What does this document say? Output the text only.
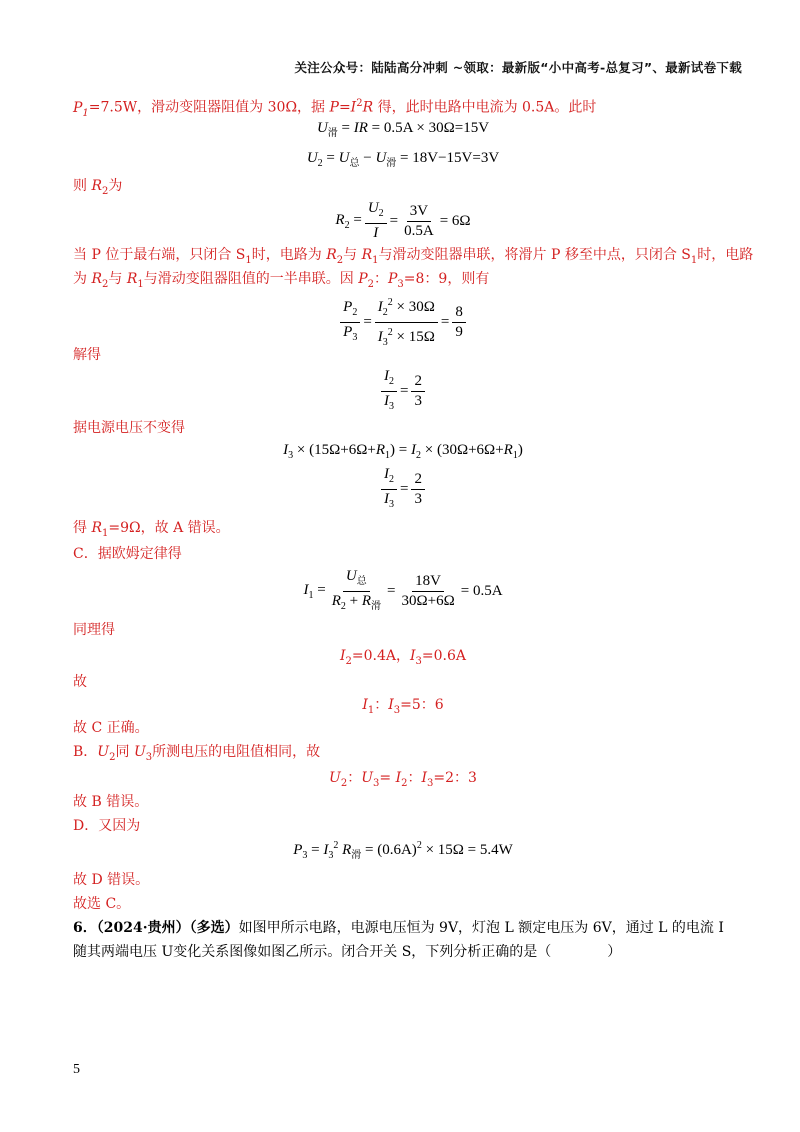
关注公众号：陆陆高分冲刺 ~领取：最新版“小中高考-总复习”、最新试卷下载
$P_1=7.5W$，滑动变阻器阻值为 30Ω，据 $P=I^2R$ 得，此时电路中电流为 0.5A。此时
$U_滑$ = IR = 0.5A × 30Ω=15V
$U_2 = U_总 - U_滑 = 18V-15V=3V$
则 $R_2$为
$R_2 = \frac{U_2}{I} = \frac{3V}{0.5A} = 6\Omega$
当 P 位于最右端，只闭合 $S_1$时，电路为 $R_2$与 $R_1$与滑动变阻器串联，将滑片 P 移至中点，只闭合 $S_1$时，电路
为 $R_2$与 $R_1$与滑动变阻器阻值的一半串联。因 $P_2$：$P_3=8$：9，则有
$\frac{P_2}{P_3} = \frac{I_2^2 \times 30\Omega}{I_3^2 \times 15\Omega} = \frac{8}{9}$
解得
$\frac{I_2}{I_3} = \frac{2}{3}$
据电源电压不变得
$I_3 \times (15\Omega+6\Omega+R_1) = I_2 \times (30\Omega+6\Omega+R_1)$
$\frac{I_2}{I_3} = \frac{2}{3}$
得 $R_1=9\Omega$，故 A 错误。
C．据欧姆定律得
$I_1 = \frac{U_总}{R_2 + R_滑} = \frac{18V}{30\Omega+6\Omega} = 0.5A$
同理得
$I_2=0.4A$，$I_3=0.6A$
故
$I_1$：$I_3=5$：6
故 C 正确。
B．$U_2$同 $U_3$所测电压的电阻值相同，故
$U_2$：$U_3= I_2$：$I_3=2$：3
故 B 错误。
D．又因为
$P_3 = I_3^2$ $R_滑 = (0.6A)^2 \times 15\Omega = 5.4W$
故 D 错误。
故选 C。
6．（2024·贵州）（多选）如图甲所示电路，电源电压恒为 9V，灯泡 L 额定电压为 6V，通过 L 的电流 I
随其两端电压 U变化关系图像如图乙所示。闭合开关 S，下列分析正确的是（　　　　）
5
